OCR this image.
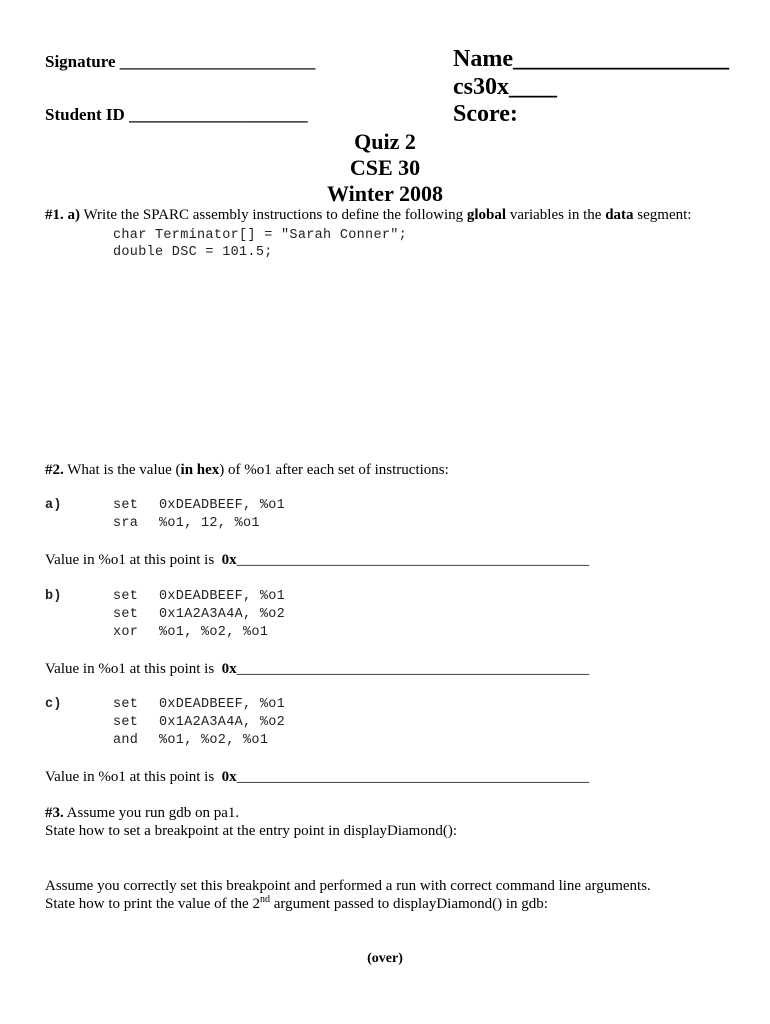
Signature _______________________
Student ID _____________________
Name__________________
cs30x____
Score:
Quiz 2
CSE 30
Winter 2008
#1. a) Write the SPARC assembly instructions to define the following global variables in the data segment:
char Terminator[] = "Sarah Conner";
double DSC = 101.5;
#2. What is the value (in hex) of %o1 after each set of instructions:
a)	set 0xDEADBEEF, %o1
sra %o1, 12, %o1
Value in %o1 at this point is  0x_______________________________________________
b)	set 0xDEADBEEF, %o1
set 0x1A2A3A4A, %o2
xor %o1, %o2, %o1
Value in %o1 at this point is  0x_______________________________________________
c)	set 0xDEADBEEF, %o1
set 0x1A2A3A4A, %o2
and %o1, %o2, %o1
Value in %o1 at this point is  0x_______________________________________________
#3. Assume you run gdb on pa1.
State how to set a breakpoint at the entry point in displayDiamond():
Assume you correctly set this breakpoint and performed a run with correct command line arguments.
State how to print the value of the 2nd argument passed to displayDiamond() in gdb:
(over)
